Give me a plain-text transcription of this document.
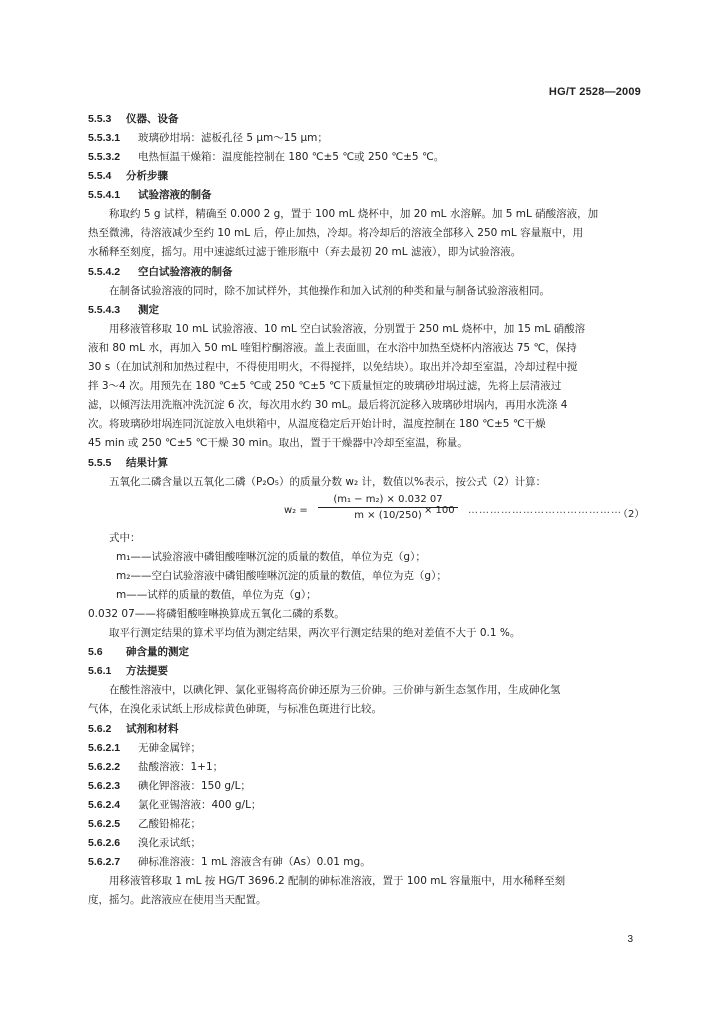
HG/T 2528—2009
5.5.3 仪器、设备
5.5.3.1 玻璃砂坩埚：滤板孔径 5 μm～15 μm；
5.5.3.2 电热恒温干燥箱：温度能控制在 180 ℃±5 ℃或 250 ℃±5 ℃。
5.5.4 分析步骤
5.5.4.1 试验溶液的制备
称取约 5 g 试样，精确至 0.000 2 g，置于 100 mL 烧杯中，加 20 mL 水溶解。加 5 mL 硝酸溶液，加
热至微沸，待溶液减少至约 10 mL 后，停止加热，冷却。将冷却后的溶液全部移入 250 mL 容量瓶中，用
水稀释至刻度，摇匀。用中速滤纸过滤于锥形瓶中（弃去最初 20 mL 滤液），即为试验溶液。
5.5.4.2 空白试验溶液的制备
在制备试验溶液的同时，除不加试样外，其他操作和加入试剂的种类和量与制备试验溶液相同。
5.5.4.3 测定
用移液管移取 10 mL 试验溶液、10 mL 空白试验溶液，分别置于 250 mL 烧杯中，加 15 mL 硝酸溶
液和 80 mL 水，再加入 50 mL 喹钼柠酮溶液。盖上表面皿，在水浴中加热至烧杯内溶液达 75 ℃，保持
30 s（在加试剂和加热过程中，不得使用明火，不得搅拌，以免结块）。取出并冷却至室温，冷却过程中搅
拌 3～4 次。用预先在 180 ℃±5 ℃或 250 ℃±5 ℃下质量恒定的玻璃砂坩埚过滤，先将上层清液过
滤，以倾泻法用洗瓶冲洗沉淀 6 次，每次用水约 30 mL。最后将沉淀移入玻璃砂坩埚内，再用水洗涤 4
次。将玻璃砂坩埚连同沉淀放入电烘箱中，从温度稳定后开始计时，温度控制在 180 ℃±5 ℃干燥
45 min 或 250 ℃±5 ℃干燥 30 min。取出，置于干燥器中冷却至室温，称量。
5.5.5 结果计算
五氧化二磷含量以五氧化二磷（P₂O₅）的质量分数 w₂ 计，数值以%表示，按公式（2）计算：
$w_2 = \frac{\text{(m₁ − m₂) × 0.032 07}}{m \times (10/250)}$
× 100 ……………………………………
（2）
式中：
m₁——试验溶液中磷钼酸喹啉沉淀的质量的数值，单位为克（g）；
m₂——空白试验溶液中磷钼酸喹啉沉淀的质量的数值，单位为克（g）；
m——试样的质量的数值，单位为克（g）；
0.032 07——将磷钼酸喹啉换算成五氧化二磷的系数。
取平行测定结果的算术平均值为测定结果，两次平行测定结果的绝对差值不大于 0.1 %。
5.6 砷含量的测定
5.6.1 方法提要
在酸性溶液中，以碘化钾、氯化亚锡将高价砷还原为三价砷。三价砷与新生态氢作用，生成砷化氢
气体，在溴化汞试纸上形成棕黄色砷斑，与标准色斑进行比较。
5.6.2 试剂和材料
5.6.2.1 无砷金属锌；
5.6.2.2 盐酸溶液：1+1；
5.6.2.3 碘化钾溶液：150 g/L；
5.6.2.4 氯化亚锡溶液：400 g/L；
5.6.2.5 乙酸铅棉花；
5.6.2.6 溴化汞试纸；
5.6.2.7 砷标准溶液：1 mL 溶液含有砷（As）0.01 mg。
用移液管移取 1 mL 按 HG/T 3696.2 配制的砷标准溶液，置于 100 mL 容量瓶中，用水稀释至刻
度，摇匀。此溶液应在使用当天配置。
3
